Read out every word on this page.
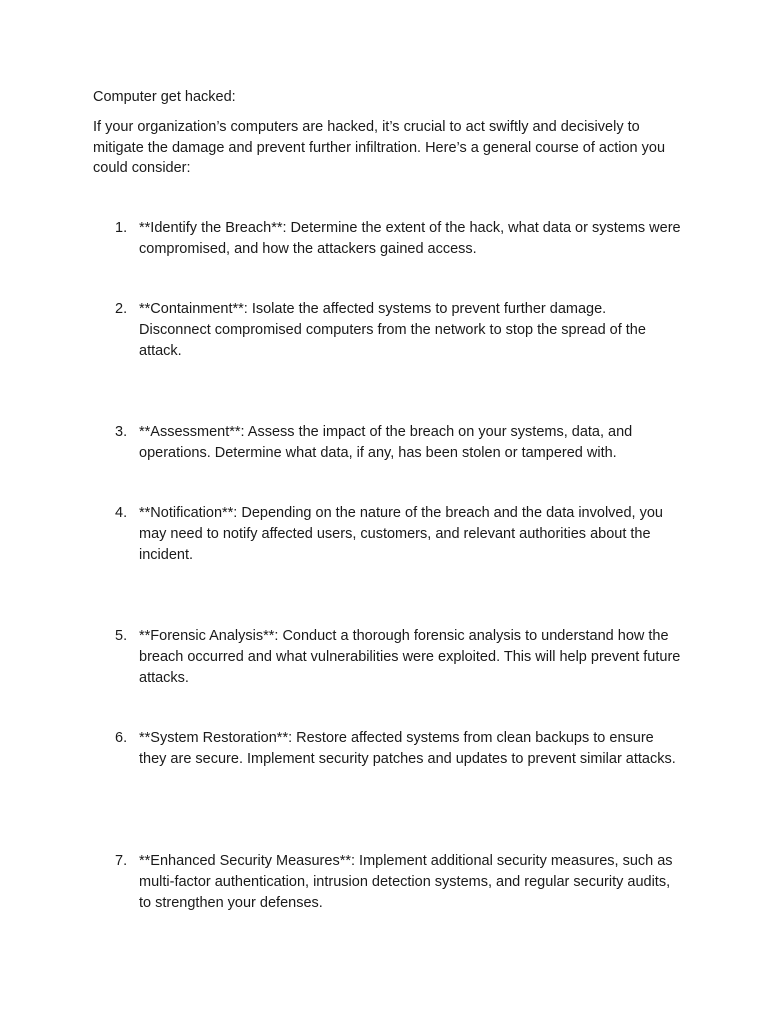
Computer get hacked:

If your organization’s computers are hacked, it’s crucial to act swiftly and decisively to mitigate the damage and prevent further infiltration. Here’s a general course of action you could consider:

1. **Identify the Breach**: Determine the extent of the hack, what data or systems were compromised, and how the attackers gained access.

2. **Containment**: Isolate the affected systems to prevent further damage. Disconnect compromised computers from the network to stop the spread of the attack.

3. **Assessment**: Assess the impact of the breach on your systems, data, and operations. Determine what data, if any, has been stolen or tampered with.

4. **Notification**: Depending on the nature of the breach and the data involved, you may need to notify affected users, customers, and relevant authorities about the incident.

5. **Forensic Analysis**: Conduct a thorough forensic analysis to understand how the breach occurred and what vulnerabilities were exploited. This will help prevent future attacks.

6. **System Restoration**: Restore affected systems from clean backups to ensure they are secure. Implement security patches and updates to prevent similar attacks.

7. **Enhanced Security Measures**: Implement additional security measures, such as multi-factor authentication, intrusion detection systems, and regular security audits, to strengthen your defenses.
